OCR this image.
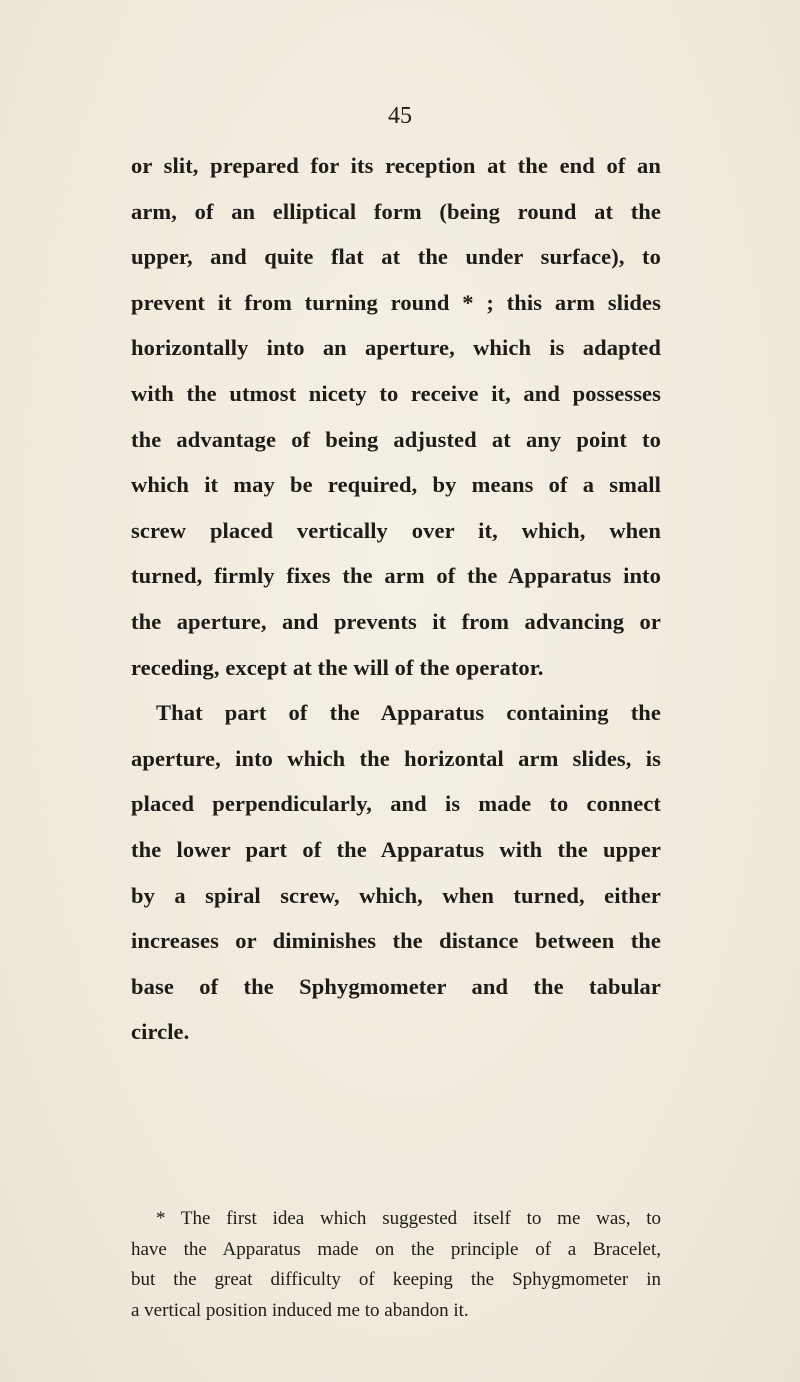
45
or slit, prepared for its reception at the end of an
arm, of an elliptical form (being round at the
upper, and quite flat at the under surface), to
prevent it from turning round * ; this arm slides
horizontally into an aperture, which is adapted
with the utmost nicety to receive it, and possesses
the advantage of being adjusted at any point to
which it may be required, by means of a small
screw placed vertically over it, which, when
turned, firmly fixes the arm of the Apparatus into
the aperture, and prevents it from advancing or
receding, except at the will of the operator.
That part of the Apparatus containing the
aperture, into which the horizontal arm slides, is
placed perpendicularly, and is made to connect
the lower part of the Apparatus with the upper
by a spiral screw, which, when turned, either
increases or diminishes the distance between the
base of the Sphygmometer and the tabular
circle.
* The first idea which suggested itself to me was, to
have the Apparatus made on the principle of a Bracelet,
but the great difficulty of keeping the Sphygmometer in
a vertical position induced me to abandon it.
